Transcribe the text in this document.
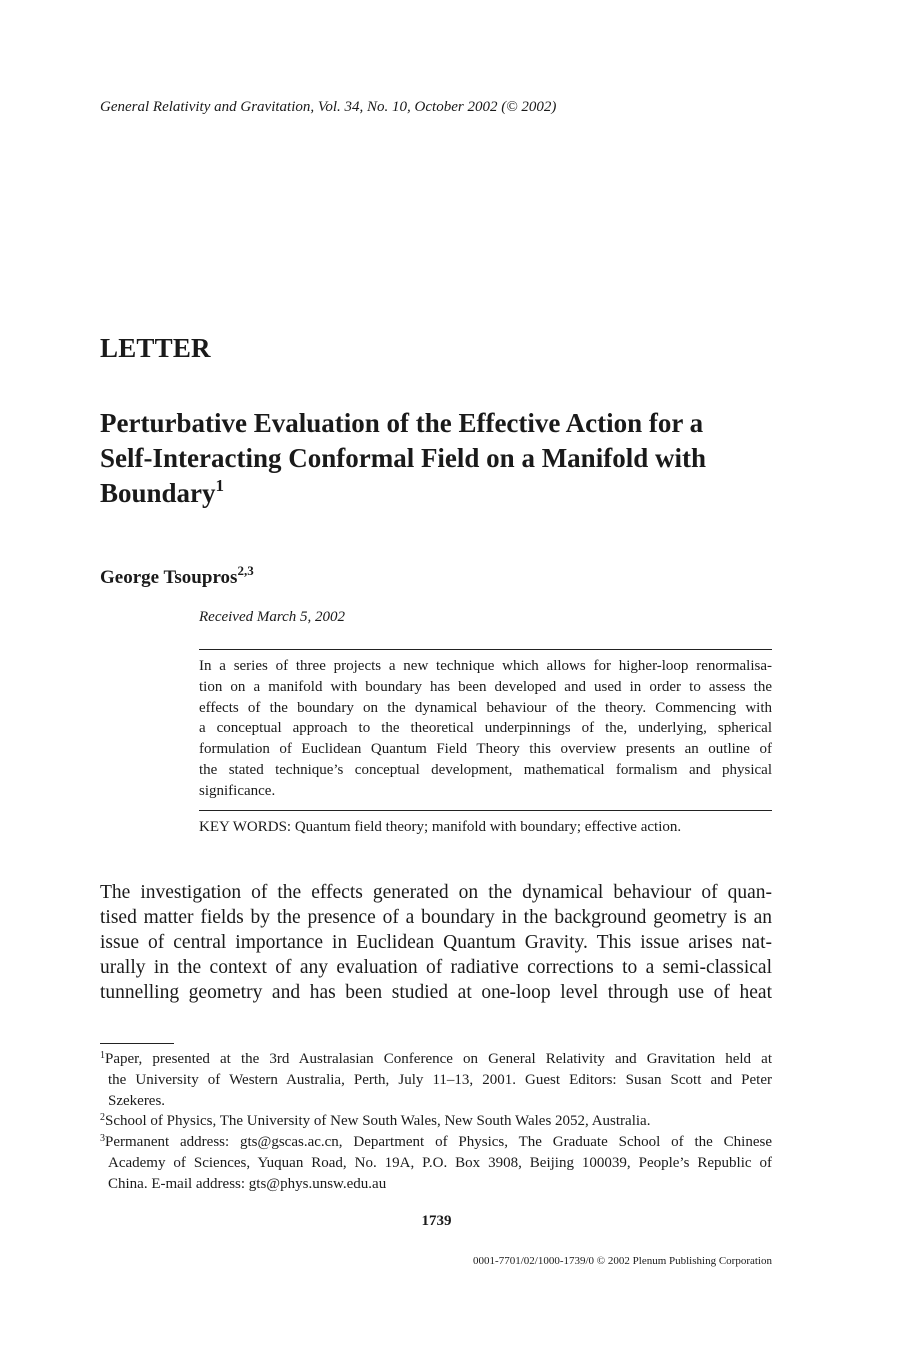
General Relativity and Gravitation, Vol. 34, No. 10, October 2002 (© 2002)
LETTER
Perturbative Evaluation of the Effective Action for a
Self-Interacting Conformal Field on a Manifold with
Boundary$^1$
George Tsoupros$^{2,3}$
Received March 5, 2002
In a series of three projects a new technique which allows for higher-loop renormalisa-
tion on a manifold with boundary has been developed and used in order to assess the
effects of the boundary on the dynamical behaviour of the theory. Commencing with
a conceptual approach to the theoretical underpinnings of the, underlying, spherical
formulation of Euclidean Quantum Field Theory this overview presents an outline of
the stated technique’s conceptual development, mathematical formalism and physical
significance.
KEY WORDS: Quantum field theory; manifold with boundary; effective action.
The investigation of the effects generated on the dynamical behaviour of quan-
tised matter fields by the presence of a boundary in the background geometry is an
issue of central importance in Euclidean Quantum Gravity. This issue arises nat-
urally in the context of any evaluation of radiative corrections to a semi-classical
tunnelling geometry and has been studied at one-loop level through use of heat
$^1$Paper, presented at the 3rd Australasian Conference on General Relativity and Gravitation held at
the University of Western Australia, Perth, July 11–13, 2001. Guest Editors: Susan Scott and Peter
Szekeres.
$^2$School of Physics, The University of New South Wales, New South Wales 2052, Australia.
$^3$Permanent address: gts@gscas.ac.cn, Department of Physics, The Graduate School of the Chinese
Academy of Sciences, Yuquan Road, No. 19A, P.O. Box 3908, Beijing 100039, People’s Republic of
China. E-mail address: gts@phys.unsw.edu.au
1739
0001-7701/02/1000-1739/0 © 2002 Plenum Publishing Corporation
